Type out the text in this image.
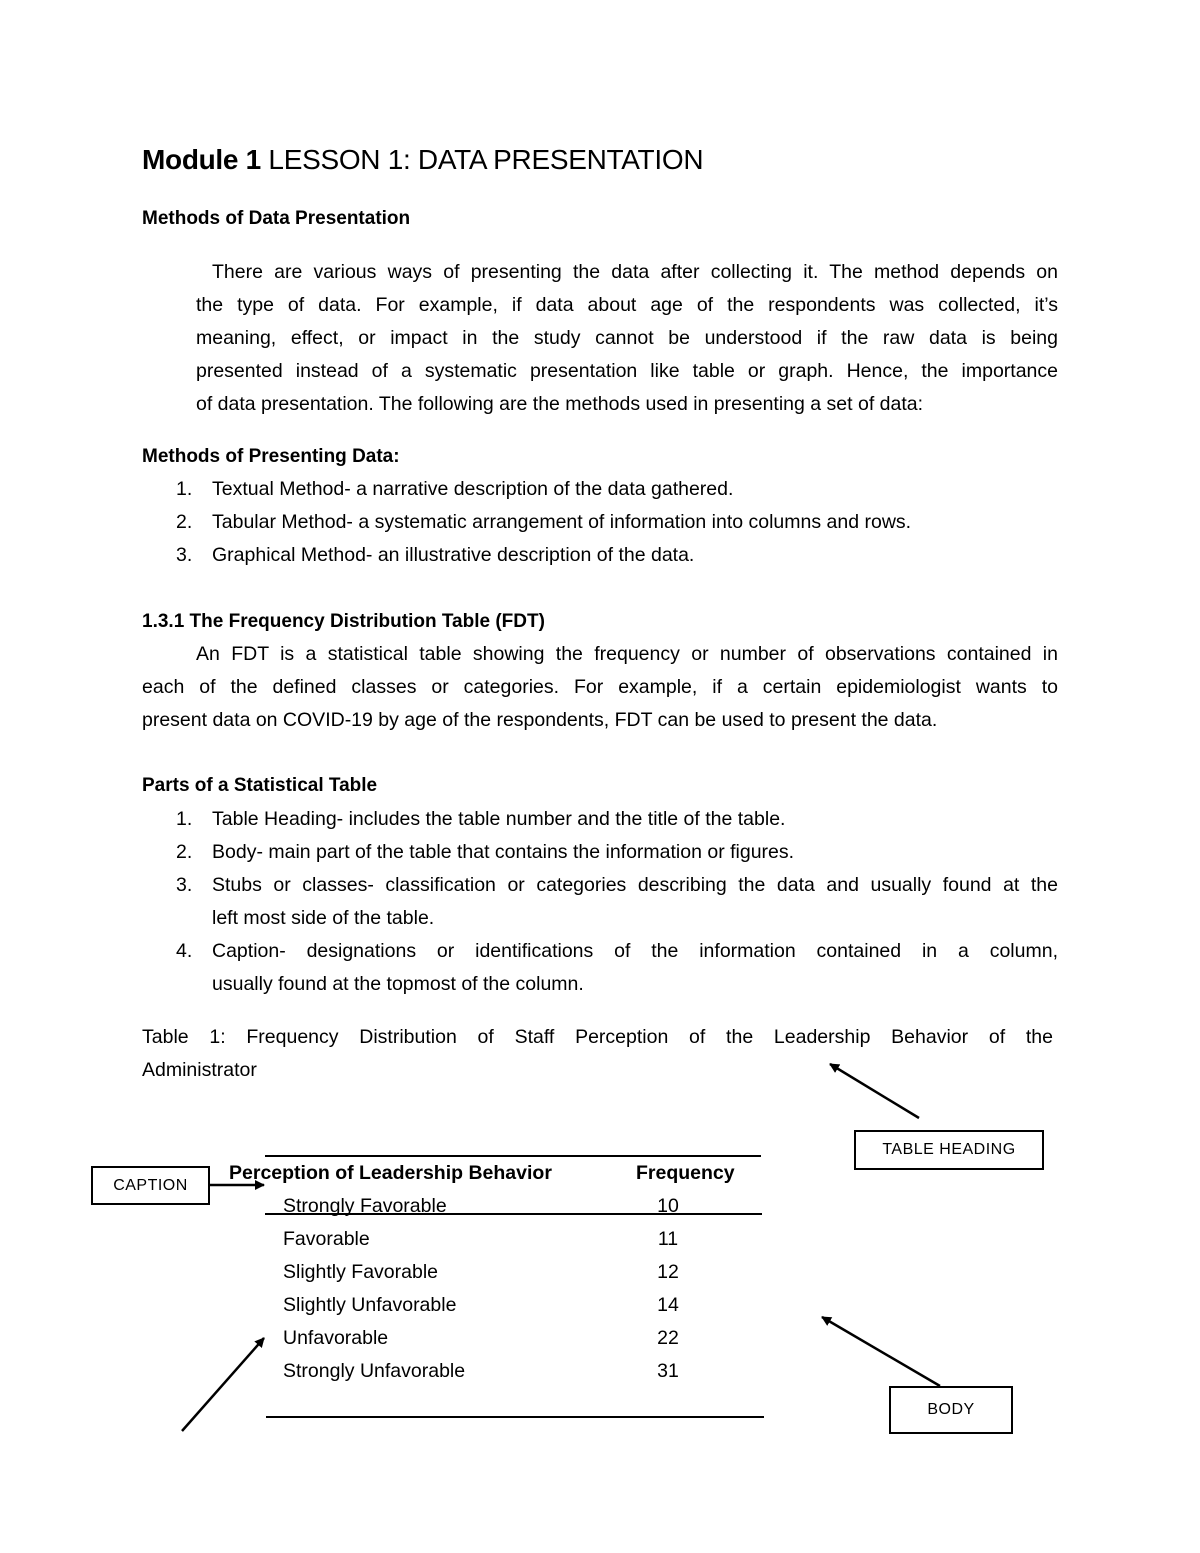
Module 1 LESSON 1: DATA PRESENTATION
Methods of Data Presentation
There are various ways of presenting the data after collecting it. The method depends on
the type of data. For example, if data about age of the respondents was collected, it’s
meaning, effect, or impact in the study cannot be understood if the raw data is being
presented instead of a systematic presentation like table or graph. Hence, the importance
of data presentation. The following are the methods used in presenting a set of data:
Methods of Presenting Data:
1. Textual Method- a narrative description of the data gathered.
2. Tabular Method- a systematic arrangement of information into columns and rows.
3. Graphical Method- an illustrative description of the data.
1.3.1 The Frequency Distribution Table (FDT)
An FDT is a statistical table showing the frequency or number of observations contained in
each of the defined classes or categories. For example, if a certain epidemiologist wants to
present data on COVID-19 by age of the respondents, FDT can be used to present the data.
Parts of a Statistical Table
1. Table Heading- includes the table number and the title of the table.
2. Body- main part of the table that contains the information or figures.
3. Stubs or classes- classification or categories describing the data and usually found at the
left most side of the table.
4. Caption- designations or identifications of the information contained in a column,
usually found at the topmost of the column.
Table 1: Frequency Distribution of Staff Perception of the Leadership Behavior of the
Administrator
Perception of Leadership Behavior	Frequency
Strongly Favorable	10
Favorable	11
Slightly Favorable	12
Slightly Unfavorable	14
Unfavorable	22
Strongly Unfavorable	31
CAPTION
TABLE HEADING
BODY
